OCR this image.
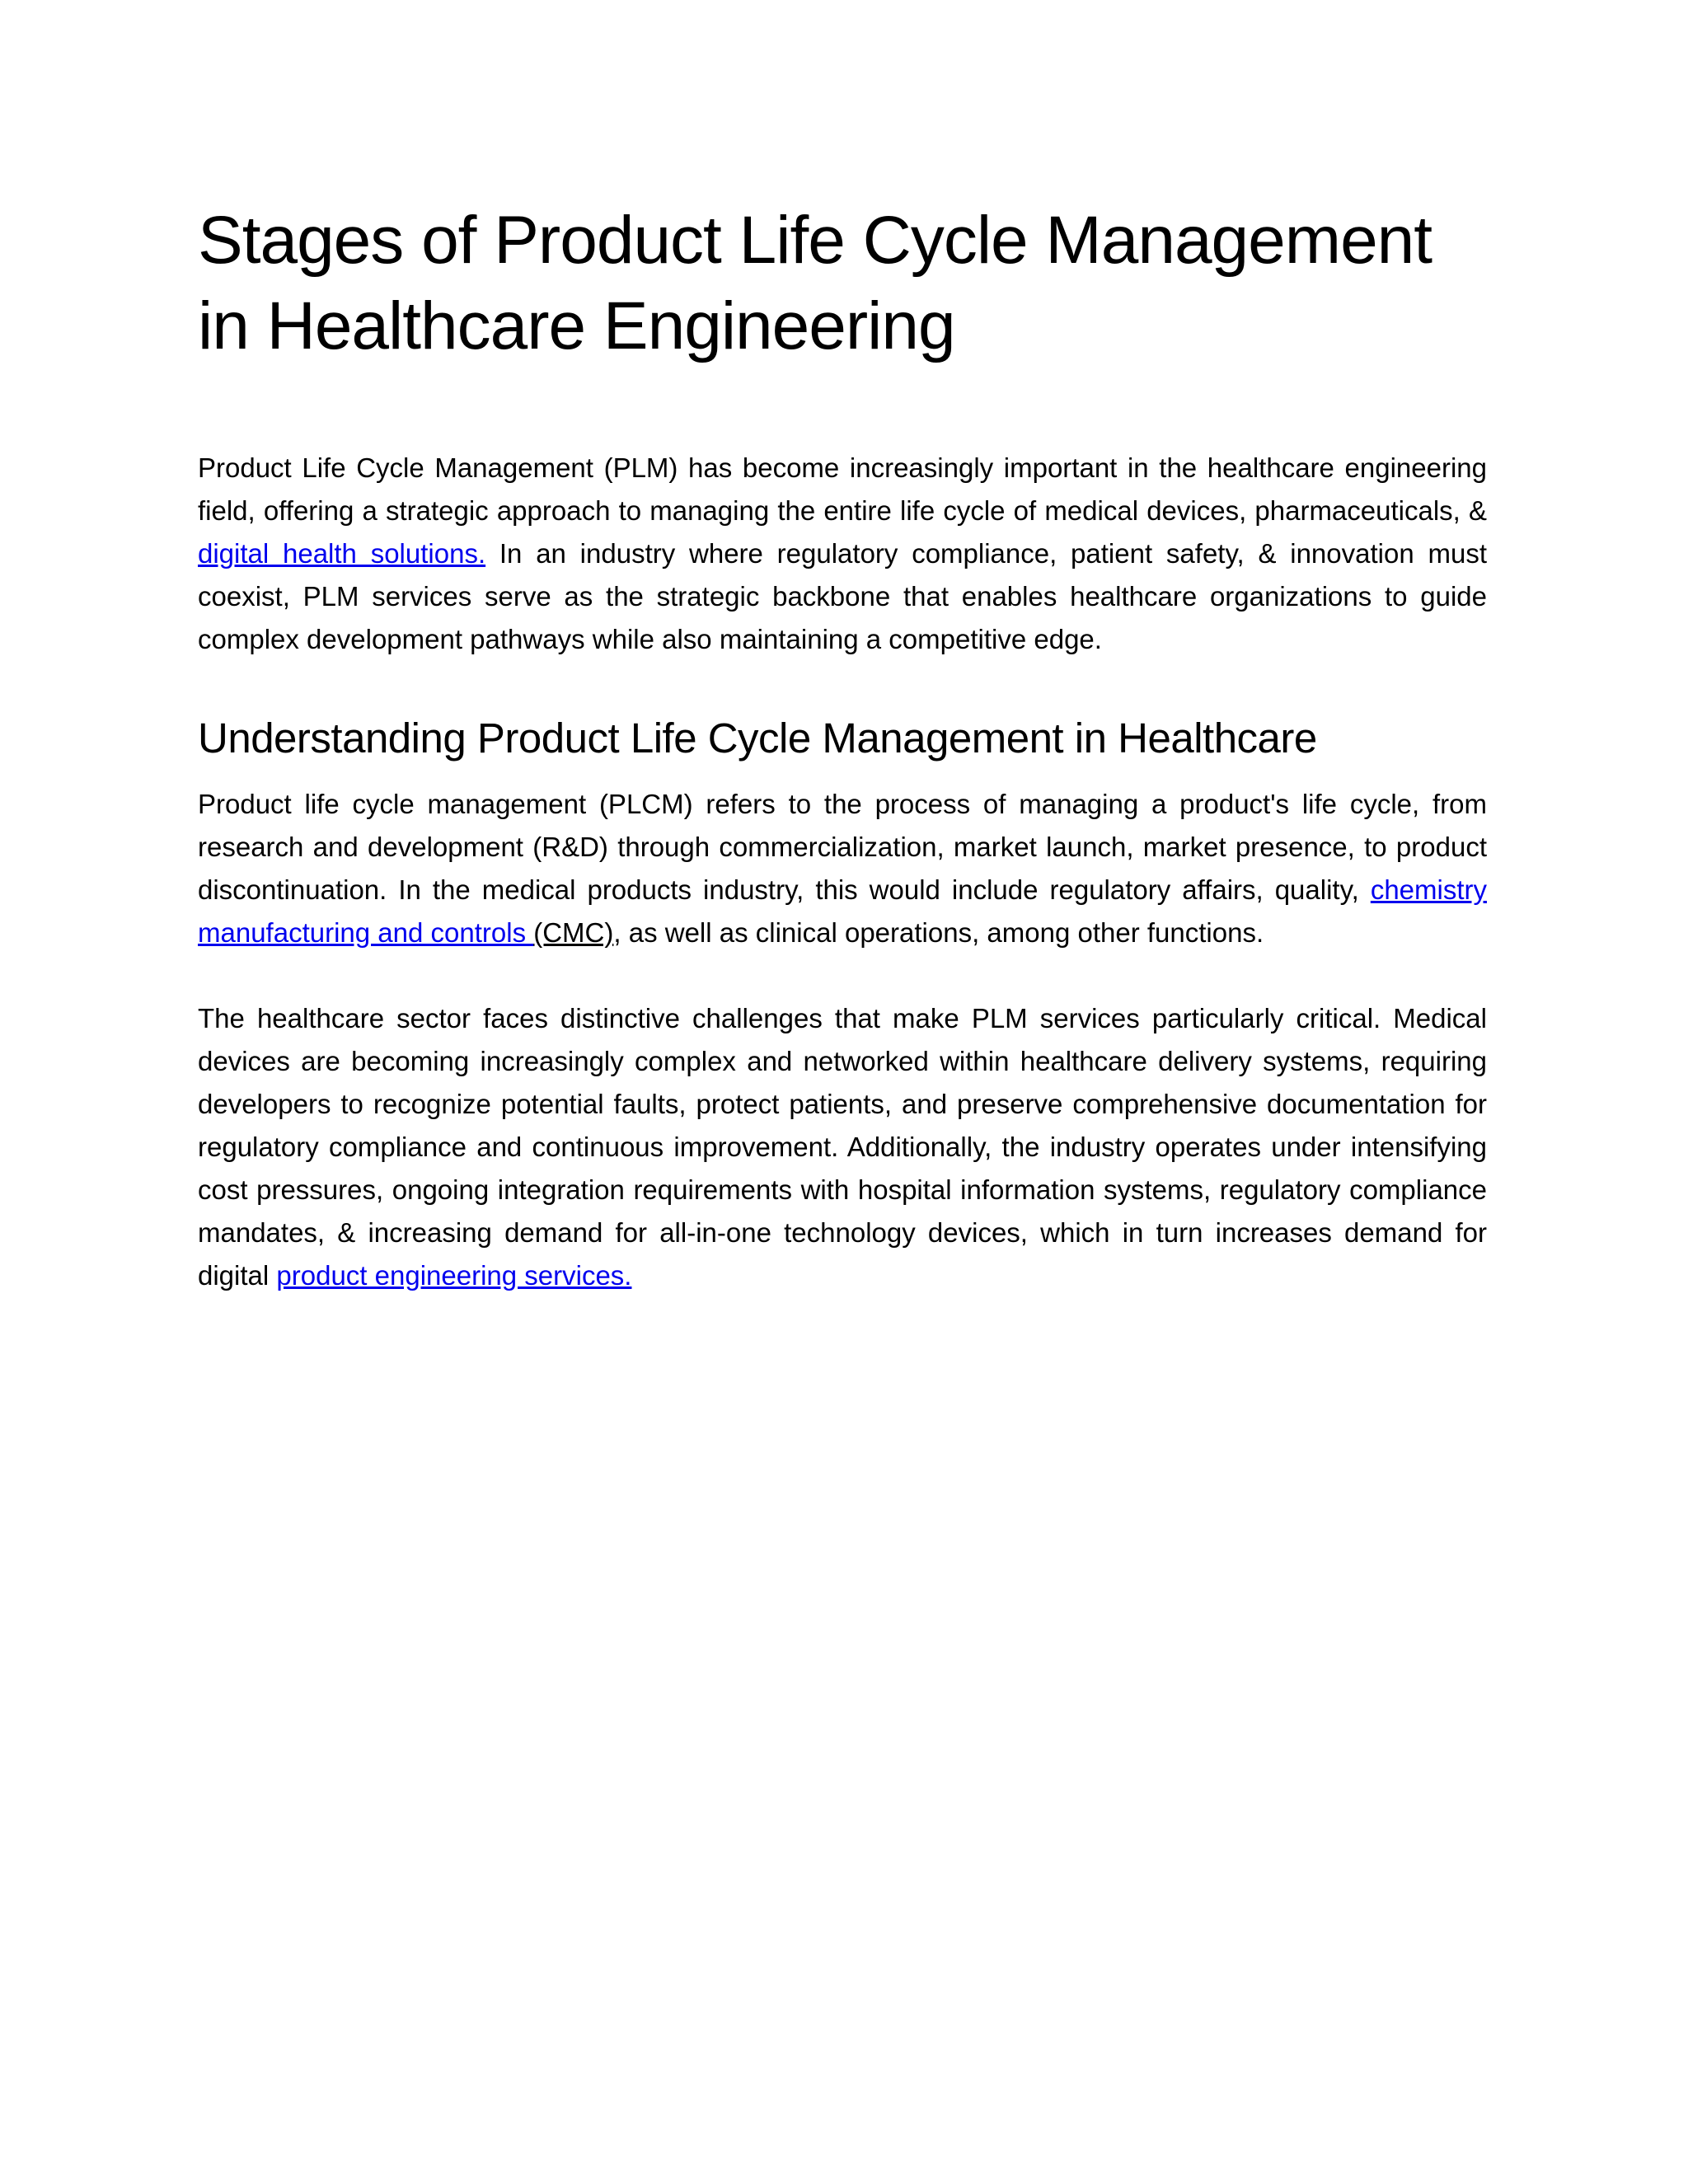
Stages of Product Life Cycle Management
in Healthcare Engineering

Product Life Cycle Management (PLM) has become increasingly important in the healthcare engineering field, offering a strategic approach to managing the entire life cycle of medical devices, pharmaceuticals, & digital health solutions. In an industry where regulatory compliance, patient safety, & innovation must coexist, PLM services serve as the strategic backbone that enables healthcare organizations to guide complex development pathways while also maintaining a competitive edge.

Understanding Product Life Cycle Management in Healthcare

Product life cycle management (PLCM) refers to the process of managing a product's life cycle, from research and development (R&D) through commercialization, market launch, market presence, to product discontinuation. In the medical products industry, this would include regulatory affairs, quality, chemistry manufacturing and controls (CMC), as well as clinical operations, among other functions.

The healthcare sector faces distinctive challenges that make PLM services particularly critical. Medical devices are becoming increasingly complex and networked within healthcare delivery systems, requiring developers to recognize potential faults, protect patients, and preserve comprehensive documentation for regulatory compliance and continuous improvement. Additionally, the industry operates under intensifying cost pressures, ongoing integration requirements with hospital information systems, regulatory compliance mandates, & increasing demand for all-in-one technology devices, which in turn increases demand for digital product engineering services.
